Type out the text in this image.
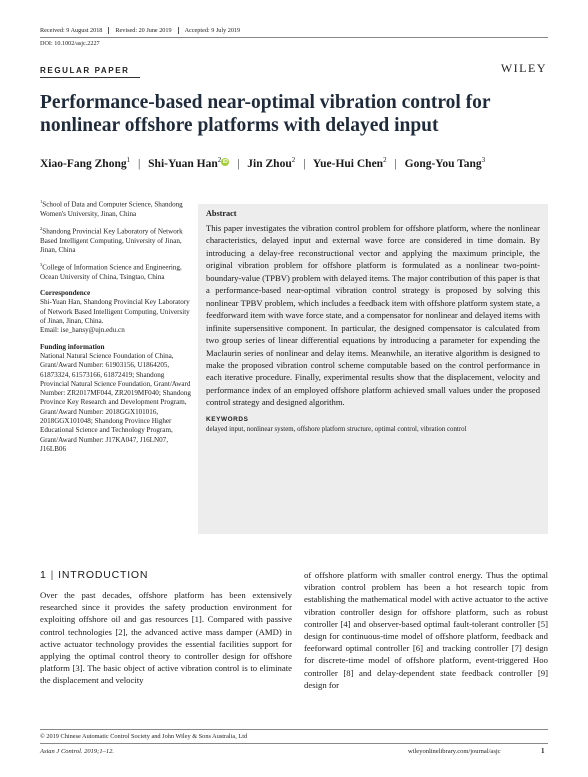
Received: 9 August 2018	Revised: 20 June 2019	Accepted: 9 July 2019
DOI: 10.1002/asjc.2227
REGULAR PAPER	WILEY
Performance-based near-optimal vibration control for nonlinear offshore platforms with delayed input
Xiao-Fang Zhong$^1$ | Shi-Yuan Han$^2$ iD | Jin Zhou$^2$ | Yue-Hui Chen$^2$ | Gong-You Tang$^3$

$^1$School of Data and Computer Science, Shandong Women's University, Jinan, China

$^2$Shandong Provincial Key Laboratory of Network Based Intelligent Computing, University of Jinan, Jinan, China

$^3$College of Information Science and Engineering, Ocean University of China, Tsingtao, China

Correspondence

Shi-Yuan Han, Shandong Provincial Key Laboratory of Network Based Intelligent Computing, University of Jinan, Jinan, China.

Email: ise_hansy@ujn.edu.cn

Funding information

National Natural Science Foundation of China, Grant/Award Number: 61903156, U1864205, 61873324, 61573166, 61872419; Shandong Provincial Natural Science Foundation, Grant/Award Number: ZR2017MF044, ZR2019MF040; Shandong Province Key Research and Development Program, Grant/Award Number: 2018GGX101016, 2018GGX101048; Shandong Province Higher Educational Science and Technology Program, Grant/Award Number: J17KA047, J16LN07, J16LB06

Abstract
This paper investigates the vibration control problem for offshore platform, where the nonlinear characteristics, delayed input and external wave force are considered in time domain. By introducing a delay-free reconstructional vector and applying the maximum principle, the original vibration problem for offshore platform is formulated as a nonlinear two-point-boundary-value (TPBV) problem with delayed items. The major contribution of this paper is that a performance-based near-optimal vibration control strategy is proposed by solving this nonlinear TPBV problem, which includes a feedback item with offshore platform system state, a feedforward item with wave force state, and a compensator for nonlinear and delayed items with infinite supersensitive component. In particular, the designed compensator is calculated from two group series of linear differential equations by introducing a parameter for expending the Maclaurin series of nonlinear and delay items. Meanwhile, an iterative algorithm is designed to make the proposed vibration control scheme computable based on the control performance in each iterative procedure. Finally, experimental results show that the displacement, velocity and performance index of an employed offshore platform achieved small values under the proposed control strategy and designed algorithm.
KEYWORDS
delayed input, nonlinear system, offshore platform structure, optimal control, vibration control
1 | INTRODUCTION
Over the past decades, offshore platform has been extensively researched since it provides the safety production environment for exploiting offshore oil and gas resources [1]. Compared with passive control technologies [2], the advanced active mass damper (AMD) in active actuator technology provides the essential facilities support for applying the optimal control theory to controller design for offshore platform [3]. The basic object of active vibration control is to eliminate the displacement and velocity
of offshore platform with smaller control energy. Thus the optimal vibration control problem has been a hot research topic from establishing the mathematical model with active actuator to the active vibration controller design for offshore platform, such as robust controller [4] and observer-based optimal fault-tolerant controller [5] design for continuous-time model of offshore platform, feedback and feeforward optimal controller [6] and tracking controller [7] design for discrete-time model of offshore platform, event-triggered Hoo controller [8] and delay-dependent state feedback controller [9] design for
© 2019 Chinese Automatic Control Society and John Wiley & Sons Australia, Ltd
Asian J Control. 2019;1–12.	wileyonlinelibrary.com/journal/asjc	1
